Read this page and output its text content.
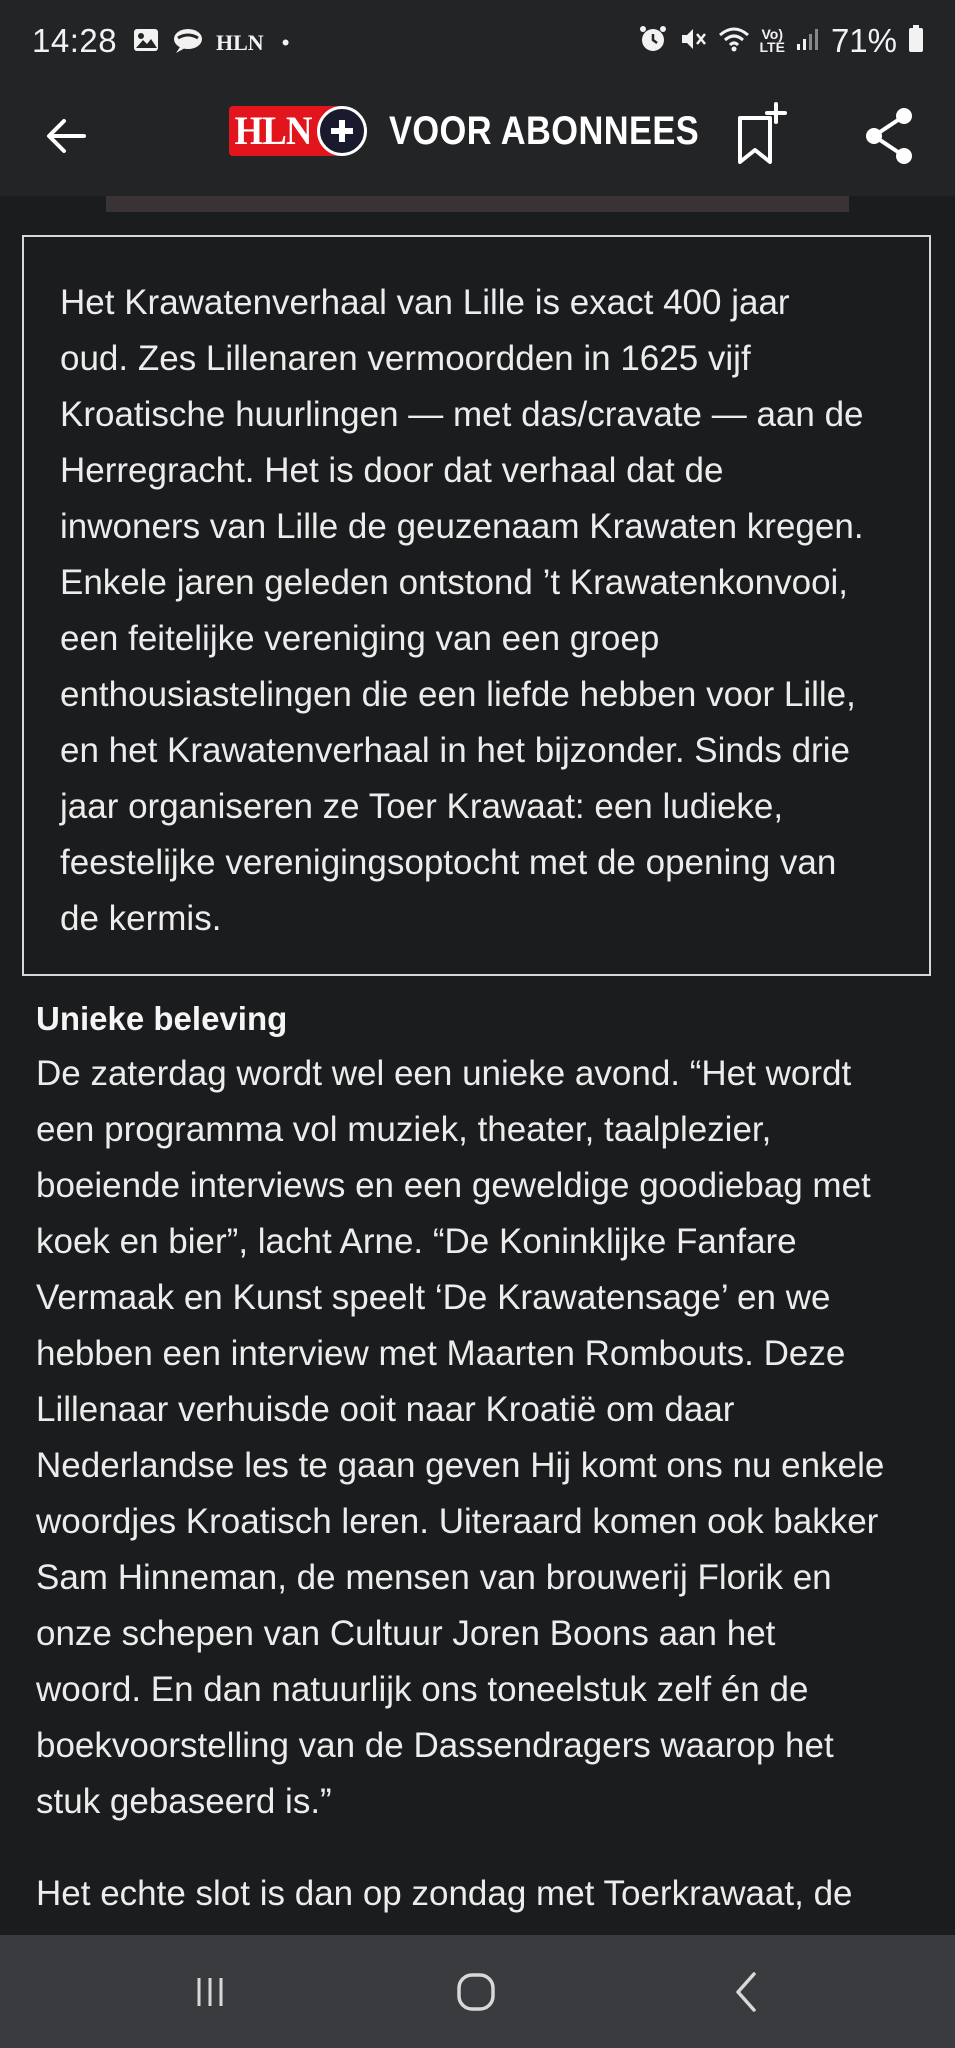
14:28	HLN •	Vo)
LTE 71%
HLN	VOOR ABONNEES
Het Krawatenverhaal van Lille is exact 400 jaar
oud. Zes Lillenaren vermoordden in 1625 vijf
Kroatische huurlingen — met das/cravate — aan de
Herregracht. Het is door dat verhaal dat de
inwoners van Lille de geuzenaam Krawaten kregen.
Enkele jaren geleden ontstond ’t Krawatenkonvooi,
een feitelijke vereniging van een groep
enthousiastelingen die een liefde hebben voor Lille,
en het Krawatenverhaal in het bijzonder. Sinds drie
jaar organiseren ze Toer Krawaat: een ludieke,
feestelijke verenigingsoptocht met de opening van
de kermis.
Unieke beleving
De zaterdag wordt wel een unieke avond. “Het wordt
een programma vol muziek, theater, taalplezier,
boeiende interviews en een geweldige goodiebag met
koek en bier”, lacht Arne. “De Koninklijke Fanfare
Vermaak en Kunst speelt ‘De Krawatensage’ en we
hebben een interview met Maarten Rombouts. Deze
Lillenaar verhuisde ooit naar Kroatië om daar
Nederlandse les te gaan geven Hij komt ons nu enkele
woordjes Kroatisch leren. Uiteraard komen ook bakker
Sam Hinneman, de mensen van brouwerij Florik en
onze schepen van Cultuur Joren Boons aan het
woord. En dan natuurlijk ons toneelstuk zelf én de
boekvoorstelling van de Dassendragers waarop het
stuk gebaseerd is.”
Het echte slot is dan op zondag met Toerkrawaat, de
